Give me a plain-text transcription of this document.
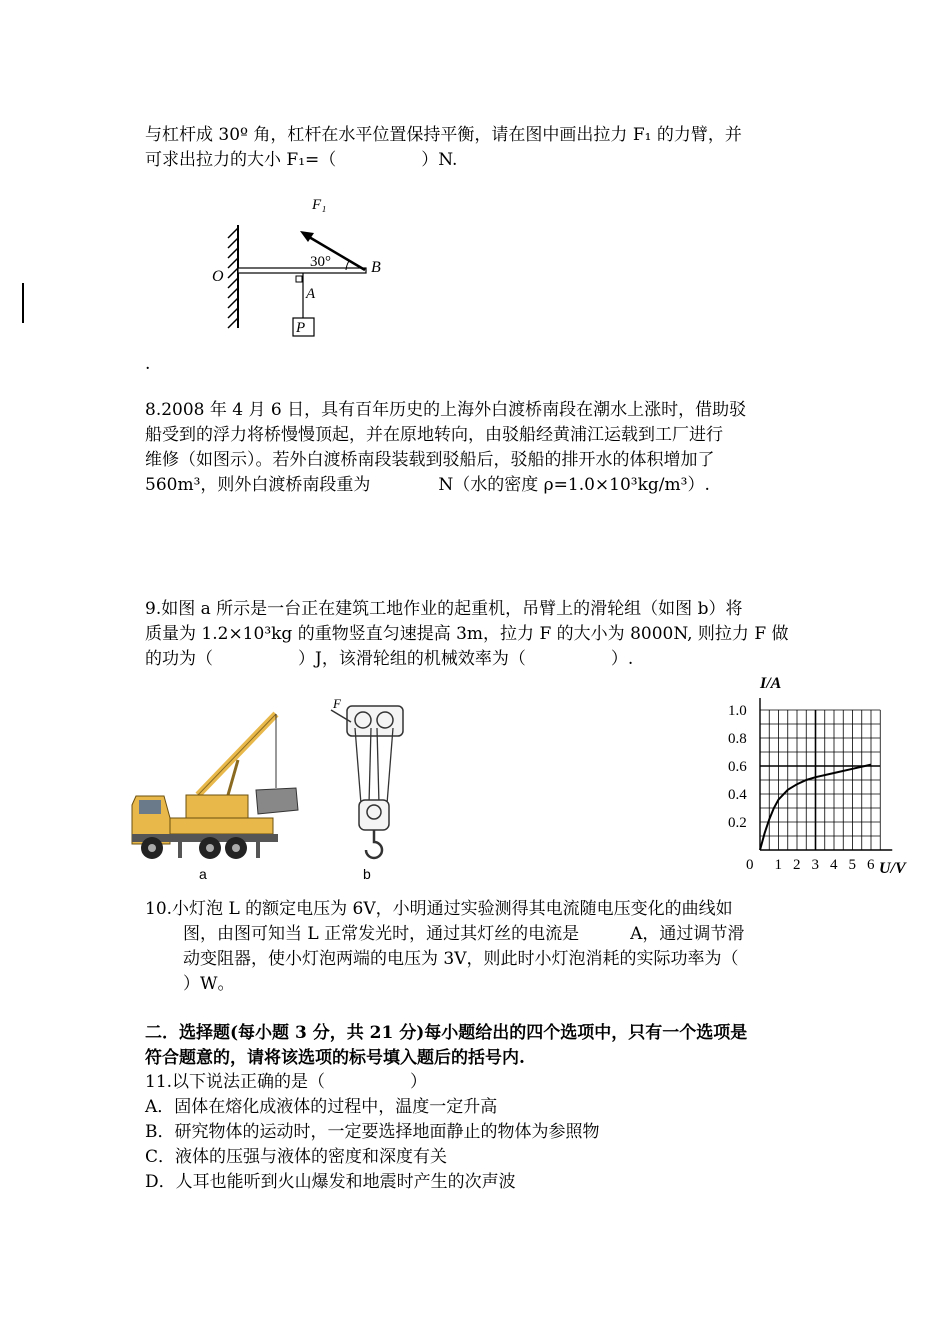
与杠杆成 30º 角，杠杆在水平位置保持平衡，请在图中画出拉力 F₁ 的力臂，并
可求出拉力的大小 F₁=（　　　　　）N.
F₁
30°
O
A
B
P
.
8.2008 年 4 月 6 日，具有百年历史的上海外白渡桥南段在潮水上涨时，借助驳
船受到的浮力将桥慢慢顶起，并在原地转向，由驳船经黄浦江运载到工厂进行
维修（如图示）。若外白渡桥南段装载到驳船后，驳船的排开水的体积增加了
560m³，则外白渡桥南段重为　　　　N（水的密度 ρ=1.0×10³kg/m³）.
9.如图 a 所示是一台正在建筑工地作业的起重机，吊臂上的滑轮组（如图 b）将
质量为 1.2×10³kg 的重物竖直匀速提高 3m，拉力 F 的大小为 8000N, 则拉力 F 做
的功为（　　　　　）J，该滑轮组的机械效率为（　　　　　）.
a
F
b
0 1 2 3 4 5 6
0.2
0.4
0.6
0.8
1.0
I/A
U/V
10.小灯泡 L 的额定电压为 6V，小明通过实验测得其电流随电压变化的曲线如
图，由图可知当 L 正常发光时，通过其灯丝的电流是　　　A，通过调节滑
动变阻器，使小灯泡两端的电压为 3V，则此时小灯泡消耗的实际功率为（
）W。
二．选择题(每小题 3 分，共 21 分)每小题给出的四个选项中，只有一个选项是
符合题意的，请将该选项的标号填入题后的括号内.
11.以下说法正确的是（　　　　　）
A．固体在熔化成液体的过程中，温度一定升高
B．研究物体的运动时，一定要选择地面静止的物体为参照物
C．液体的压强与液体的密度和深度有关
D．人耳也能听到火山爆发和地震时产生的次声波
